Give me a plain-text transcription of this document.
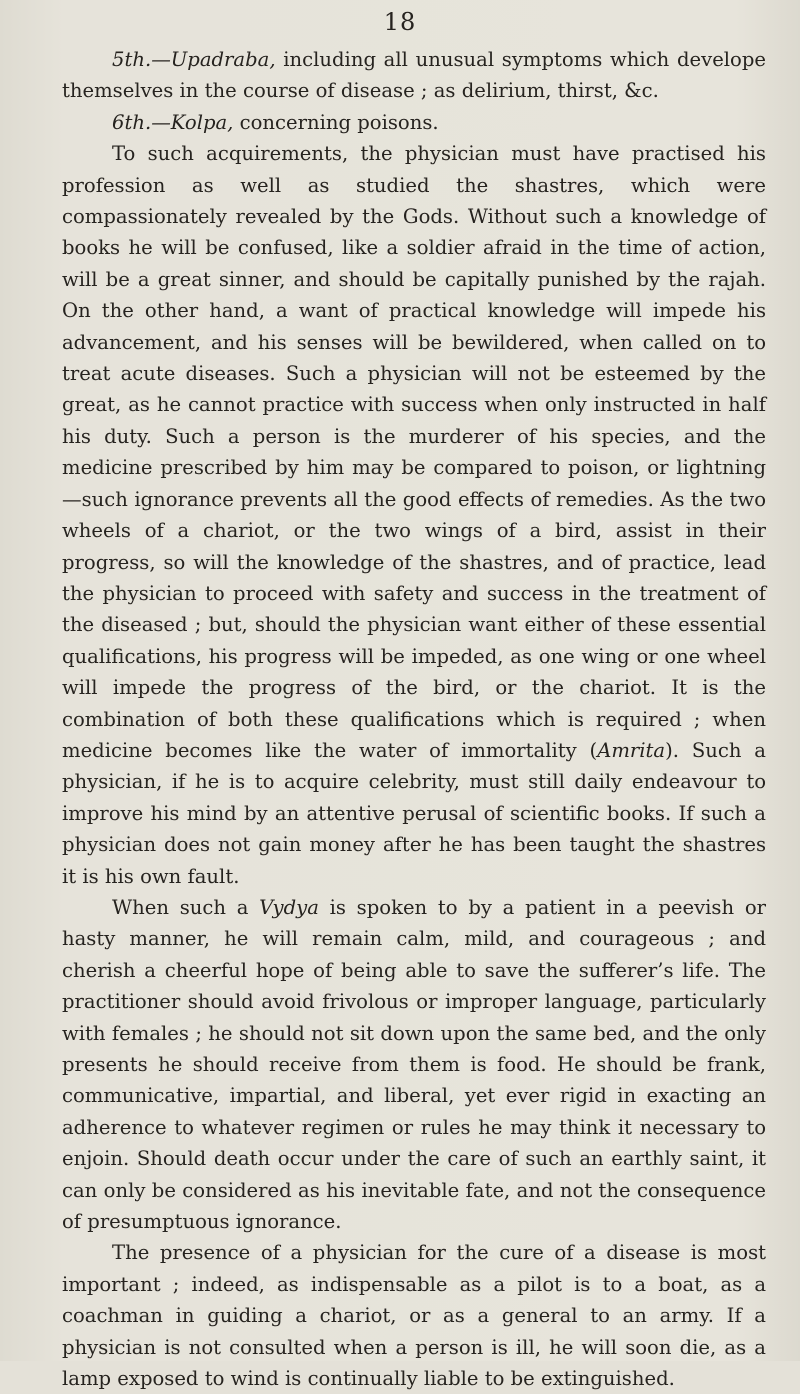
18

5th.—Upadraba, including all unusual symptoms which develope themselves in the course of disease ; as delirium, thirst, &c.

6th.—Kolpa, concerning poisons.

To such acquirements, the physician must have practised his profession as well as studied the shastres, which were compassionately revealed by the Gods. Without such a knowledge of books he will be confused, like a soldier afraid in the time of action, will be a great sinner, and should be capitally punished by the rajah. On the other hand, a want of practical knowledge will impede his advancement, and his senses will be bewildered, when called on to treat acute diseases. Such a physician will not be esteemed by the great, as he cannot practice with success when only instructed in half his duty. Such a person is the murderer of his species, and the medicine prescribed by him may be compared to poison, or lightning—such ignorance prevents all the good effects of remedies. As the two wheels of a chariot, or the two wings of a bird, assist in their progress, so will the knowledge of the shastres, and of practice, lead the physician to proceed with safety and success in the treatment of the diseased ; but, should the physician want either of these essential qualifications, his progress will be impeded, as one wing or one wheel will impede the progress of the bird, or the chariot. It is the combination of both these qualifications which is required ; when medicine becomes like the water of immortality (Amrita). Such a physician, if he is to acquire celebrity, must still daily endeavour to improve his mind by an attentive perusal of scientific books. If such a physician does not gain money after he has been taught the shastres it is his own fault.

When such a Vydya is spoken to by a patient in a peevish or hasty manner, he will remain calm, mild, and courageous ; and cherish a cheerful hope of being able to save the sufferer’s life. The practitioner should avoid frivolous or improper language, particularly with females ; he should not sit down upon the same bed, and the only presents he should receive from them is food. He should be frank, communicative, impartial, and liberal, yet ever rigid in exacting an adherence to whatever regimen or rules he may think it necessary to enjoin. Should death occur under the care of such an earthly saint, it can only be considered as his inevitable fate, and not the consequence of presumptuous ignorance.

The presence of a physician for the cure of a disease is most important ; indeed, as indispensable as a pilot is to a boat, as a coachman in guiding a chariot, or as a general to an army. If a physician is not consulted when a person is ill, he will soon die, as a lamp exposed to wind is continually liable to be extinguished.
